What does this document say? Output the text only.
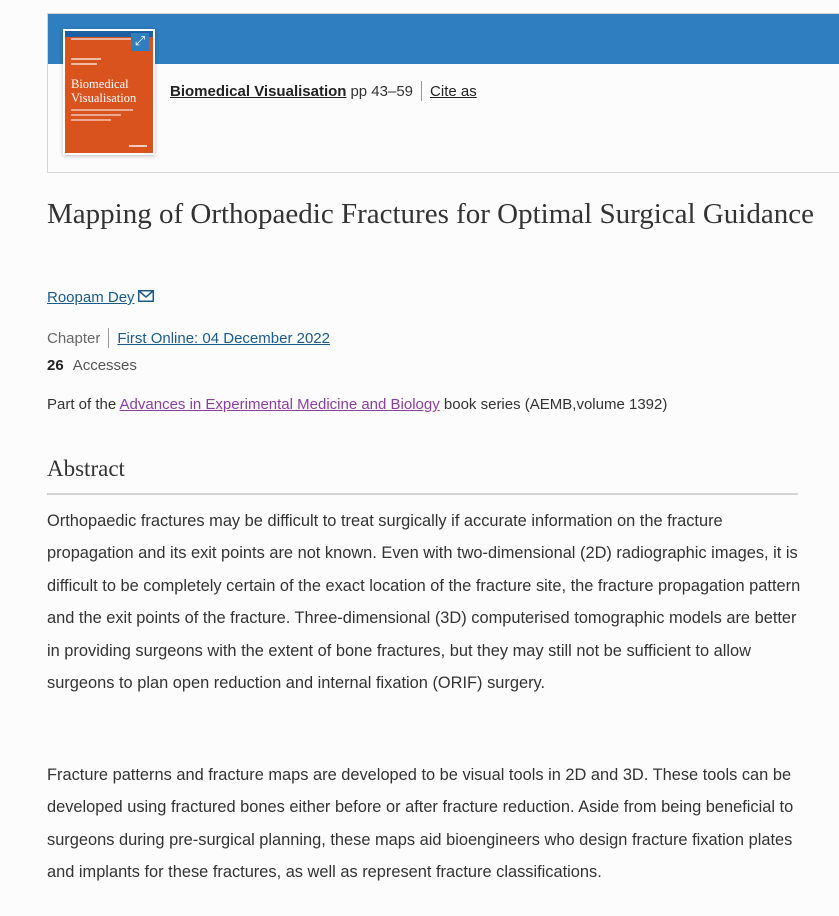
Biomedical
Visualisation
⤢
Biomedical Visualisation pp 43–59 Cite as
Mapping of Orthopaedic Fractures for Optimal Surgical Guidance
Roopam Dey
Chapter First Online: 04 December 2022
26 Accesses
Part of the Advances in Experimental Medicine and Biology book series (AEMB,volume 1392)
Abstract

Orthopaedic fractures may be difficult to treat surgically if accurate information on the fracture propagation and its exit points are not known. Even with two-dimensional (2D) radiographic images, it is difficult to be completely certain of the exact location of the fracture site, the fracture propagation pattern and the exit points of the fracture. Three-dimensional (3D) computerised tomographic models are better in providing surgeons with the extent of bone fractures, but they may still not be sufficient to allow surgeons to plan open reduction and internal fixation (ORIF) surgery.

Fracture patterns and fracture maps are developed to be visual tools in 2D and 3D. These tools can be developed using fractured bones either before or after fracture reduction. Aside from being beneficial to surgeons during pre-surgical planning, these maps aid bioengineers who design fracture fixation plates and implants for these fractures, as well as represent fracture classifications.
